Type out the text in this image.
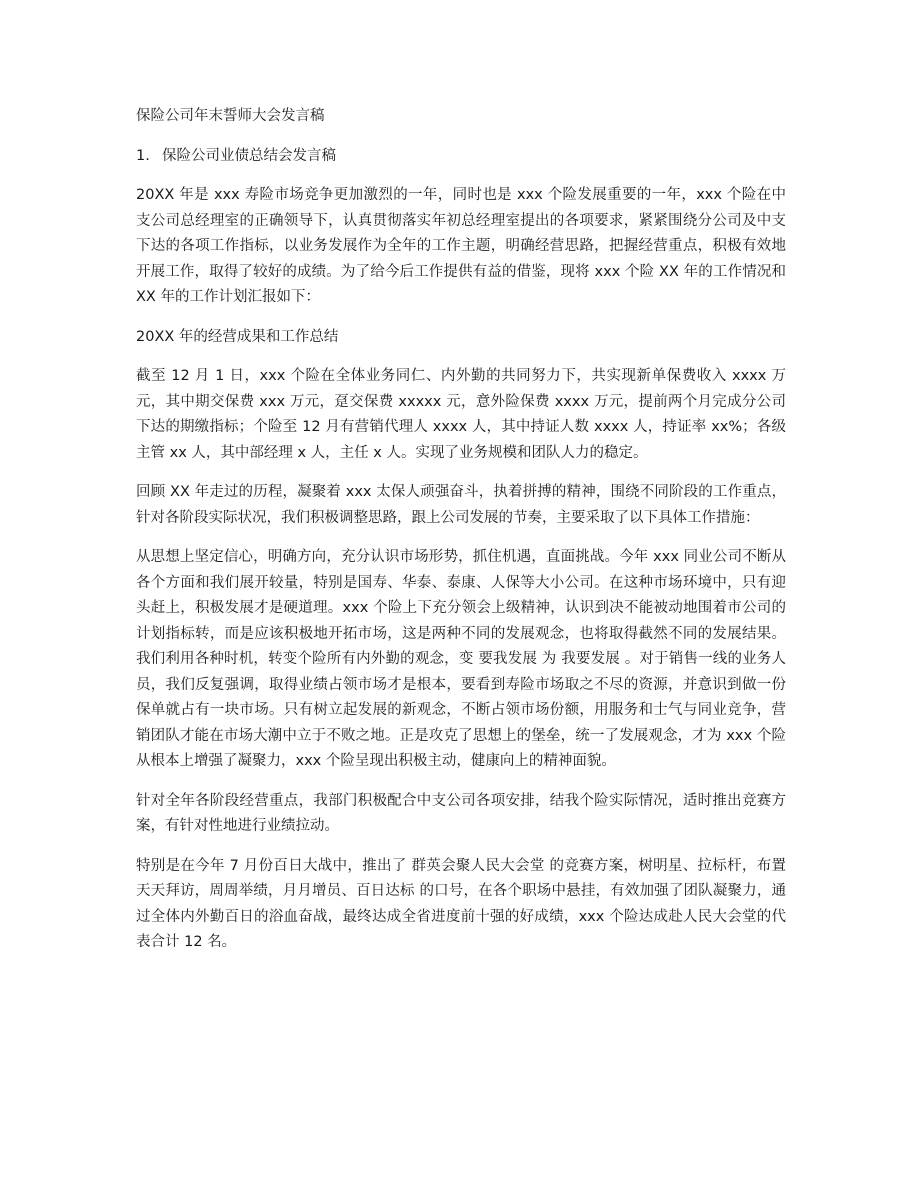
保险公司年末誓师大会发言稿

1. 保险公司业债总结会发言稿

20XX 年是 xxx 寿险市场竞争更加激烈的一年，同时也是 xxx 个险发展重要的一年，xxx 个险在中支公司总经理室的正确领导下，认真贯彻落实年初总经理室提出的各项要求，紧紧围绕分公司及中支下达的各项工作指标，以业务发展作为全年的工作主题，明确经营思路，把握经营重点，积极有效地开展工作，取得了较好的成绩。为了给今后工作提供有益的借鉴，现将 xxx 个险 XX 年的工作情况和 XX 年的工作计划汇报如下：

20XX 年的经营成果和工作总结

截至 12 月 1 日，xxx 个险在全体业务同仁、内外勤的共同努力下，共实现新单保费收入 xxxx 万元，其中期交保费 xxx 万元，趸交保费 xxxxx 元，意外险保费 xxxx 万元，提前两个月完成分公司下达的期缴指标；个险至 12 月有营销代理人 xxxx 人，其中持证人数 xxxx 人，持证率 xx%；各级主管 xx 人，其中部经理 x 人，主任 x 人。实现了业务规模和团队人力的稳定。

回顾 XX 年走过的历程，凝聚着 xxx 太保人顽强奋斗，执着拼搏的精神，围绕不同阶段的工作重点，针对各阶段实际状况，我们积极调整思路，跟上公司发展的节奏，主要采取了以下具体工作措施：

从思想上坚定信心，明确方向，充分认识市场形势，抓住机遇，直面挑战。今年 xxx 同业公司不断从各个方面和我们展开较量，特别是国寿、华泰、泰康、人保等大小公司。在这种市场环境中，只有迎头赶上，积极发展才是硬道理。xxx 个险上下充分领会上级精神，认识到决不能被动地围着市公司的计划指标转，而是应该积极地开拓市场，这是两种不同的发展观念，也将取得截然不同的发展结果。我们利用各种时机，转变个险所有内外勤的观念，变 要我发展 为 我要发展 。对于销售一线的业务人员，我们反复强调，取得业绩占领市场才是根本，要看到寿险市场取之不尽的资源，并意识到做一份保单就占有一块市场。只有树立起发展的新观念，不断占领市场份额，用服务和士气与同业竞争，营销团队才能在市场大潮中立于不败之地。正是攻克了思想上的堡垒，统一了发展观念，才为 xxx 个险从根本上增强了凝聚力，xxx 个险呈现出积极主动，健康向上的精神面貌。

针对全年各阶段经营重点，我部门积极配合中支公司各项安排，结我个险实际情况，适时推出竞赛方案，有针对性地进行业绩拉动。

特别是在今年 7 月份百日大战中，推出了 群英会聚人民大会堂 的竞赛方案，树明星、拉标杆，布置 天天拜访，周周举绩，月月增员、百日达标 的口号，在各个职场中悬挂，有效加强了团队凝聚力，通过全体内外勤百日的浴血奋战，最终达成全省进度前十强的好成绩，xxx 个险达成赴人民大会堂的代表合计 12 名。
